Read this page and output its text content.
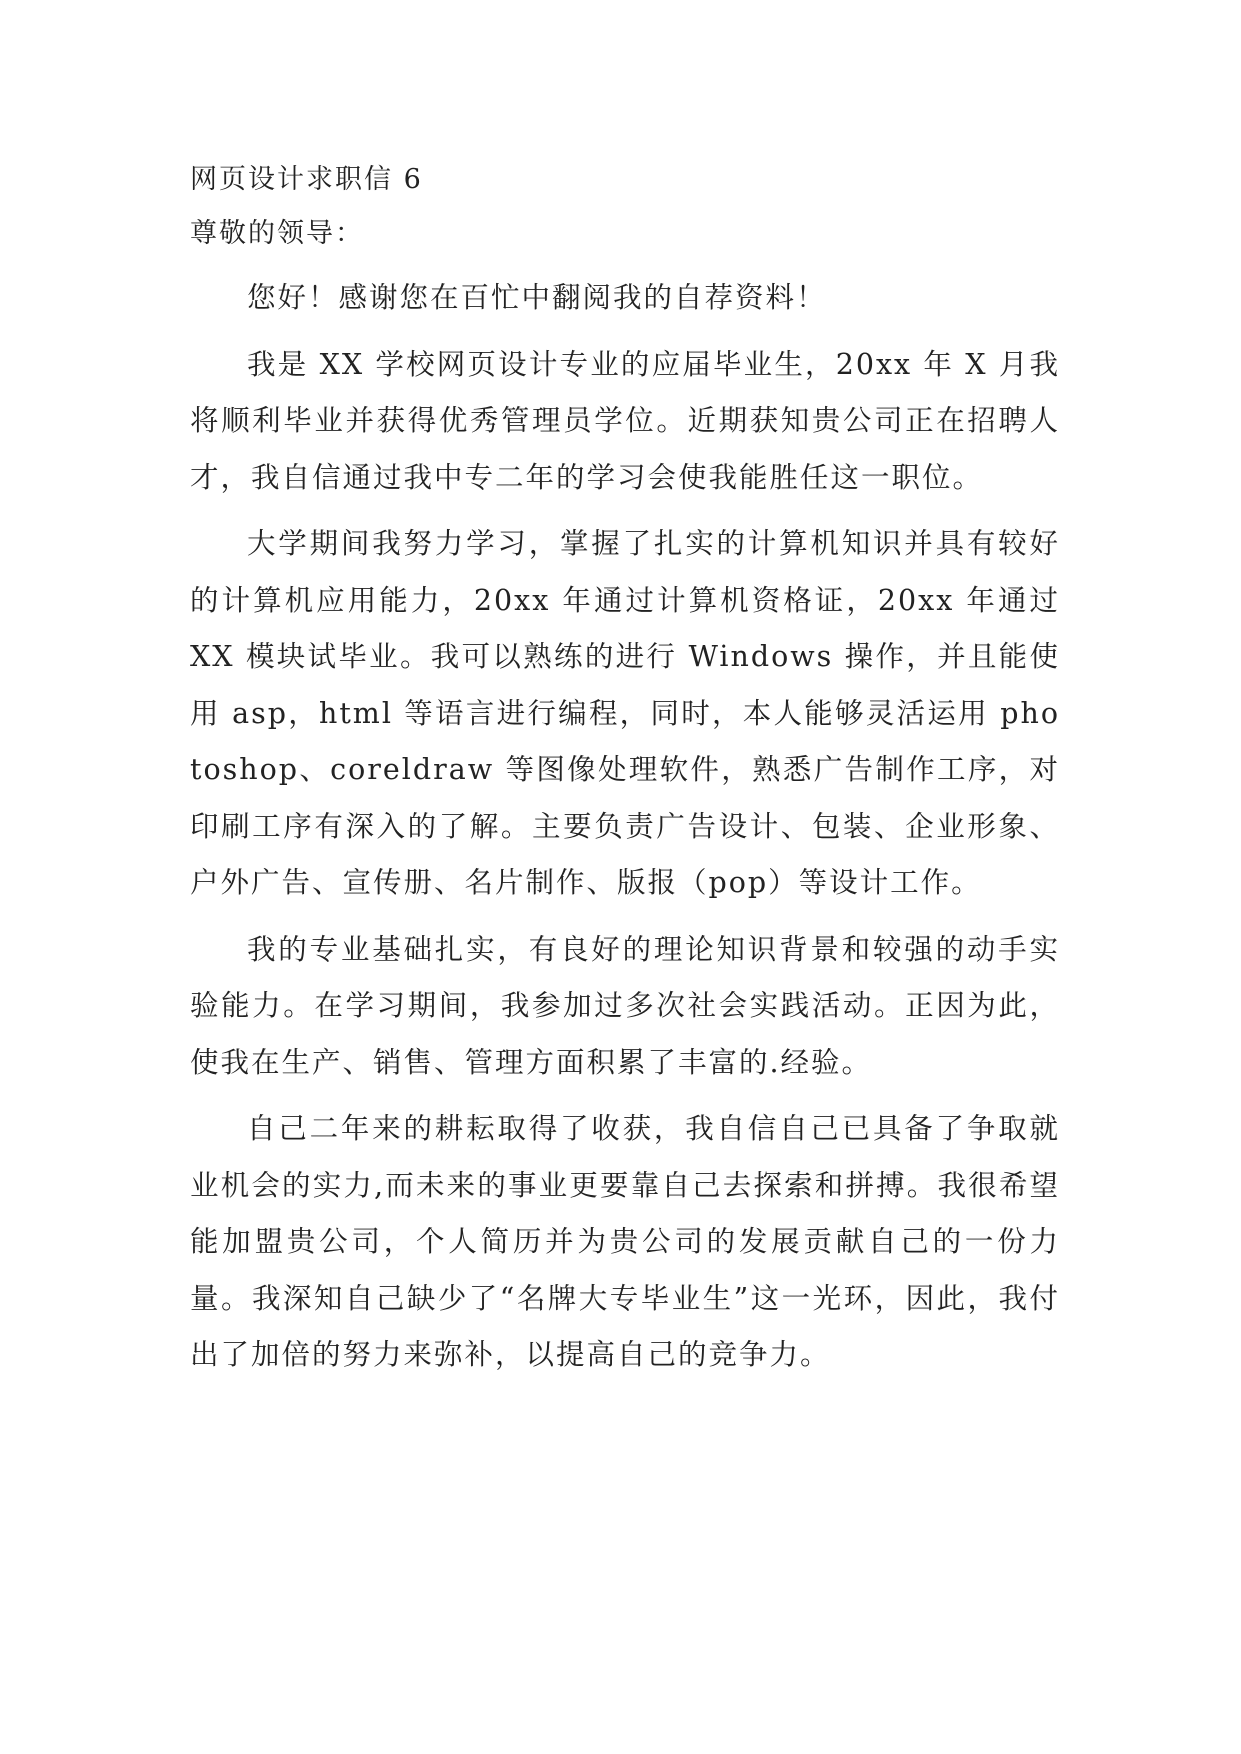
网页设计求职信 6

尊敬的领导：

您好！感谢您在百忙中翻阅我的自荐资料！

我是 XX 学校网页设计专业的应届毕业生，20xx 年 X 月我将顺利毕业并获得优秀管理员学位。近期获知贵公司正在招聘人才，我自信通过我中专二年的学习会使我能胜任这一职位。

大学期间我努力学习，掌握了扎实的计算机知识并具有较好的计算机应用能力，20xx 年通过计算机资格证，20xx 年通过 XX 模块试毕业。我可以熟练的进行 Windows 操作，并且能使用 asp，html 等语言进行编程，同时，本人能够灵活运用 photoshop、coreldraw 等图像处理软件，熟悉广告制作工序，对印刷工序有深入的了解。主要负责广告设计、包装、企业形象、户外广告、宣传册、名片制作、版报（pop）等设计工作。

我的专业基础扎实，有良好的理论知识背景和较强的动手实验能力。在学习期间，我参加过多次社会实践活动。正因为此，使我在生产、销售、管理方面积累了丰富的.经验。

自己二年来的耕耘取得了收获，我自信自己已具备了争取就业机会的实力,而未来的事业更要靠自己去探索和拼搏。我很希望能加盟贵公司，个人简历并为贵公司的发展贡献自己的一份力量。我深知自己缺少了“名牌大专毕业生”这一光环，因此，我付出了加倍的努力来弥补，以提高自己的竞争力。
